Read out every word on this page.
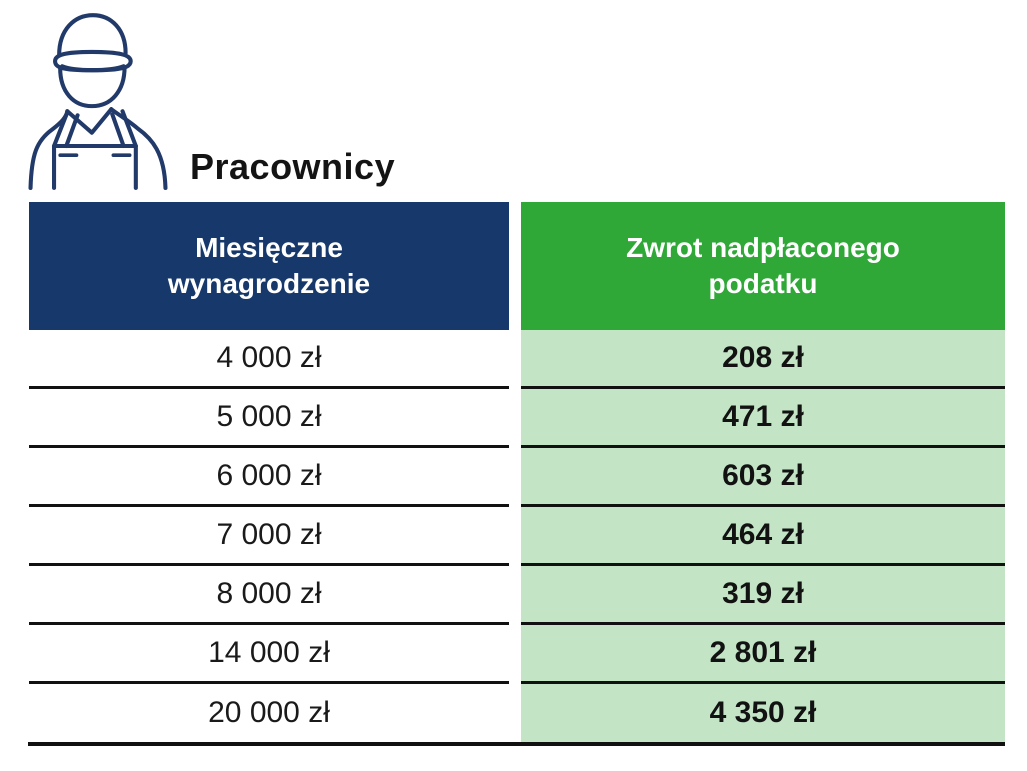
Pracownicy
Miesięczne wynagrodzenie
Zwrot nadpłaconego podatku
4 000 zł	208 zł
5 000 zł	471 zł
6 000 zł	603 zł
7 000 zł	464 zł
8 000 zł	319 zł
14 000 zł	2 801 zł
20 000 zł	4 350 zł
